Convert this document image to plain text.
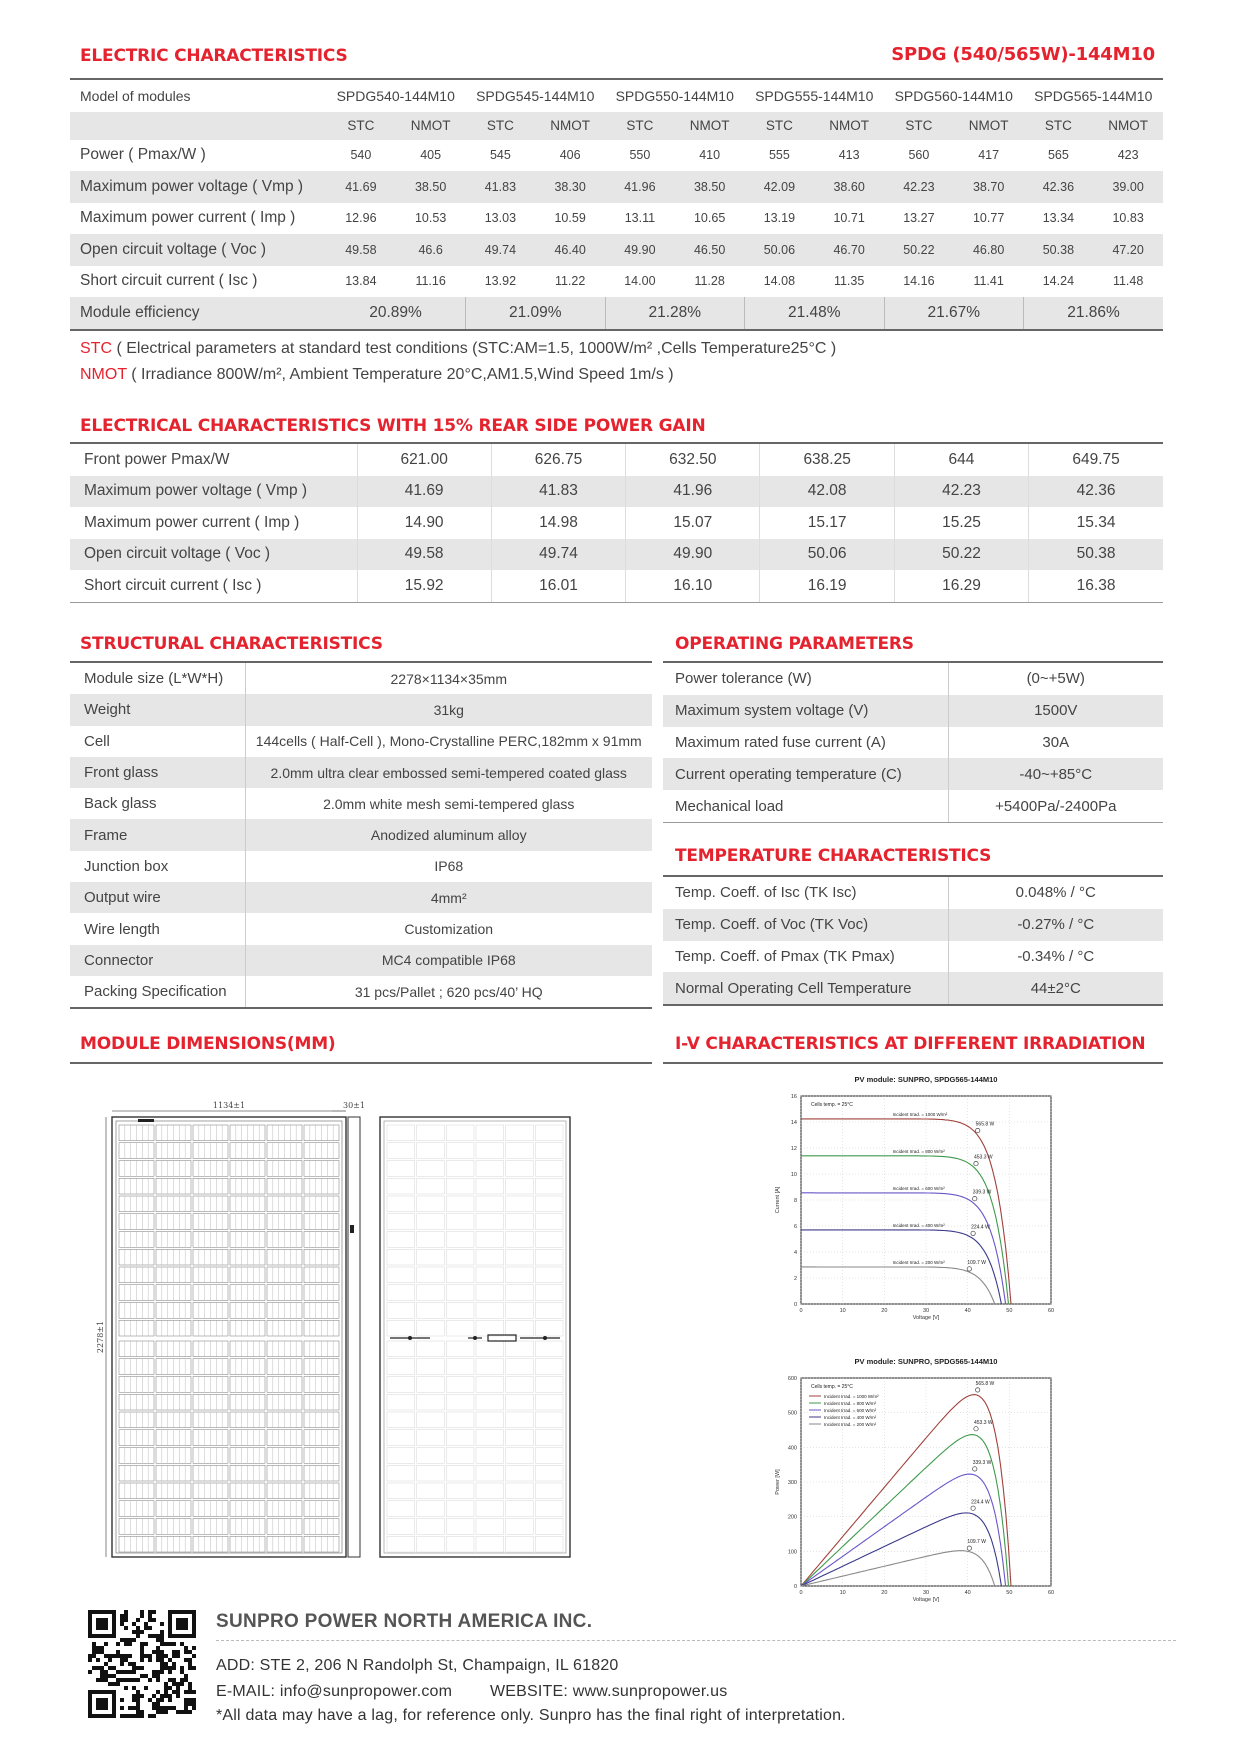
ELECTRIC CHARACTERISTICS	SPDG (540/565W)-144M10
Model of modules	SPDG540-144M10		SPDG545-144M10		SPDG550-144M10		SPDG555-144M10		SPDG560-144M10		SPDG565-144M10	
	STC	NMOT	STC	NMOT	STC	NMOT	STC	NMOT	STC	NMOT	STC	NMOT
Power ( Pmax/W )	540	405	545	406	550	410	555	413	560	417	565	423
Maximum power voltage ( Vmp )	41.69	38.50	41.83	38.30	41.96	38.50	42.09	38.60	42.23	38.70	42.36	39.00
Maximum power current ( Imp )	12.96	10.53	13.03	10.59	13.11	10.65	13.19	10.71	13.27	10.77	13.34	10.83
Open circuit voltage ( Voc )	49.58	46.6	49.74	46.40	49.90	46.50	50.06	46.70	50.22	46.80	50.38	47.20
Short circuit current ( Isc )	13.84	11.16	13.92	11.22	14.00	11.28	14.08	11.35	14.16	11.41	14.24	11.48
Module efficiency	20.89%		21.09%		21.28%		21.48%		21.67%		21.86%	
STC ( Electrical parameters at standard test conditions (STC:AM=1.5, 1000W/m² ,Cells Temperature25°C )
NMOT ( Irradiance 800W/m², Ambient Temperature 20°C,AM1.5,Wind Speed 1m/s )
ELECTRICAL CHARACTERISTICS WITH 15% REAR SIDE POWER GAIN
Front power Pmax/W	621.00	626.75	632.50	638.25	644	649.75
Maximum power voltage ( Vmp )	41.69	41.83	41.96	42.08	42.23	42.36
Maximum power current ( Imp )	14.90	14.98	15.07	15.17	15.25	15.34
Open circuit voltage ( Voc )	49.58	49.74	49.90	50.06	50.22	50.38
Short circuit current ( Isc )	15.92	16.01	16.10	16.19	16.29	16.38
STRUCTURAL CHARACTERISTICS
Module size (L*W*H)	2278×1134×35mm
Weight	31kg
Cell	144cells ( Half-Cell ), Mono-Crystalline PERC,182mm x 91mm
Front glass	2.0mm ultra clear embossed semi-tempered coated glass
Back glass	2.0mm white mesh semi-tempered glass
Frame	Anodized aluminum alloy
Junction box	IP68
Output wire	4mm²
Wire length	Customization
Connector	MC4 compatible IP68
Packing Specification	31 pcs/Pallet ; 620 pcs/40’ HQ
OPERATING PARAMETERS
Power tolerance (W)	(0~+5W)
Maximum system voltage (V)	1500V
Maximum rated fuse current (A)	30A
Current operating temperature (C)	-40~+85°C
Mechanical load	+5400Pa/-2400Pa
TEMPERATURE CHARACTERISTICS
Temp. Coeff. of Isc (TK Isc)	0.048% / °C
Temp. Coeff. of Voc (TK Voc)	-0.27% / °C
Temp. Coeff. of Pmax (TK Pmax)	-0.34% / °C
Normal Operating Cell Temperature	44±2°C
MODULE DIMENSIONS(MM)
1134±1
2278±1
30±1
I-V CHARACTERISTICS AT DIFFERENT IRRADIATION
PV module: SUNPRO, SPDG565-144M10
0	10	20	30	40	50	60
0
2
4
6
8
10
12
14
16
Voltage [V]
Current [A]
Cells temp. = 25°C
565.8 W
Incident Irrad. = 1000 W/m²
453.3 W
Incident Irrad. = 800 W/m²
339.3 W
Incident Irrad. = 600 W/m²
224.4 W
Incident Irrad. = 400 W/m²
109.7 W
Incident Irrad. = 200 W/m²
PV module: SUNPRO, SPDG565-144M10
0	10	20	30	40	50	60
0
100
200
300
400
500
600
Voltage [V]
Power [W]
Cells temp. = 25°C
565.8 W
Incident Irrad. = 1000 W/m²
453.3 W
Incident Irrad. = 800 W/m²
339.3 W
Incident Irrad. = 600 W/m²
224.4 W
Incident Irrad. = 400 W/m²
109.7 W
Incident Irrad. = 200 W/m²
SUNPRO POWER NORTH AMERICA INC.
ADD: STE 2, 206 N Randolph St, Champaign, IL 61820
E-MAIL: info@sunpropower.com WEBSITE: www.sunpropower.us
*All data may have a lag, for reference only. Sunpro has the final right of interpretation.
